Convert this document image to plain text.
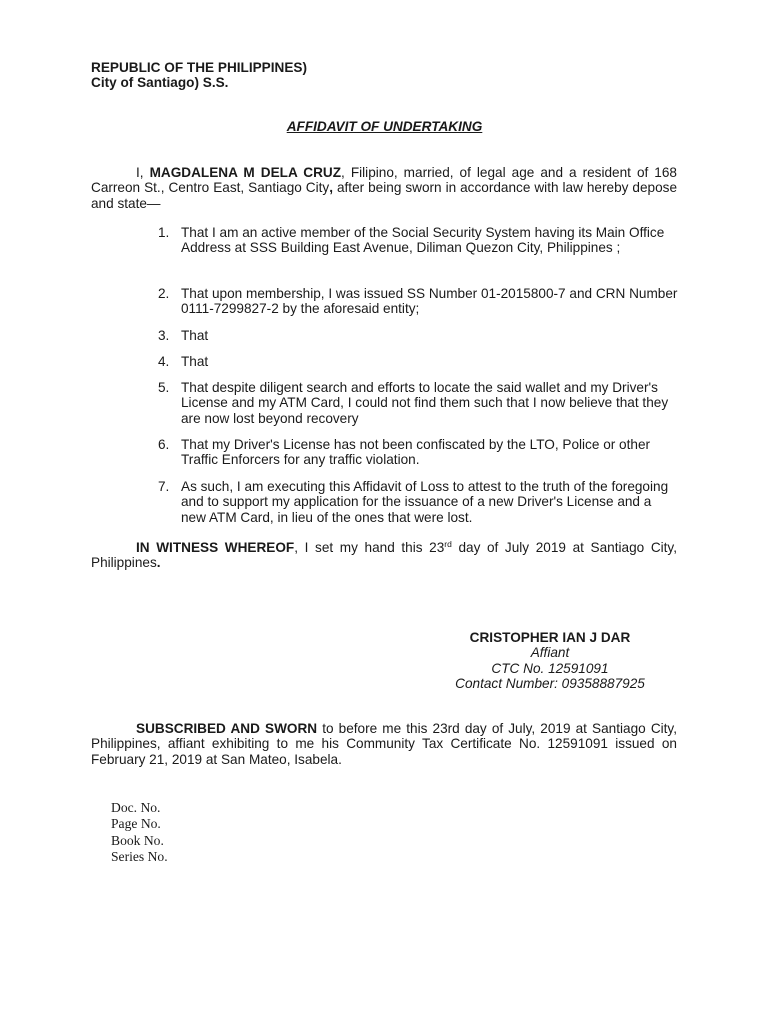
REPUBLIC OF THE PHILIPPINES)
City of Santiago) S.S.
AFFIDAVIT OF UNDERTAKING
I, MAGDALENA M DELA CRUZ, Filipino, married, of legal age and a resident of 168 Carreon St., Centro East, Santiago City, after being sworn in accordance with law hereby depose and state—
1. That I am an active member of the Social Security System having its Main Office Address at SSS Building East Avenue, Diliman Quezon City, Philippines ;
2. That upon membership, I was issued SS Number 01-2015800-7 and CRN Number 0111-7299827-2 by the aforesaid entity;
3. That
4. That
5. That despite diligent search and efforts to locate the said wallet and my Driver's License and my ATM Card, I could not find them such that I now believe that they are now lost beyond recovery
6. That my Driver's License has not been confiscated by the LTO, Police or other Traffic Enforcers for any traffic violation.
7. As such, I am executing this Affidavit of Loss to attest to the truth of the foregoing and to support my application for the issuance of a new Driver's License and a new ATM Card, in lieu of the ones that were lost.
IN WITNESS WHEREOF, I set my hand this 23rd day of July 2019 at Santiago City, Philippines.
CRISTOPHER IAN J DAR
Affiant
CTC No. 12591091
Contact Number: 09358887925
SUBSCRIBED AND SWORN to before me this 23rd day of July, 2019 at Santiago City, Philippines, affiant exhibiting to me his Community Tax Certificate No. 12591091 issued on February 21, 2019 at San Mateo, Isabela.
Doc. No.
Page No.
Book No.
Series No.
